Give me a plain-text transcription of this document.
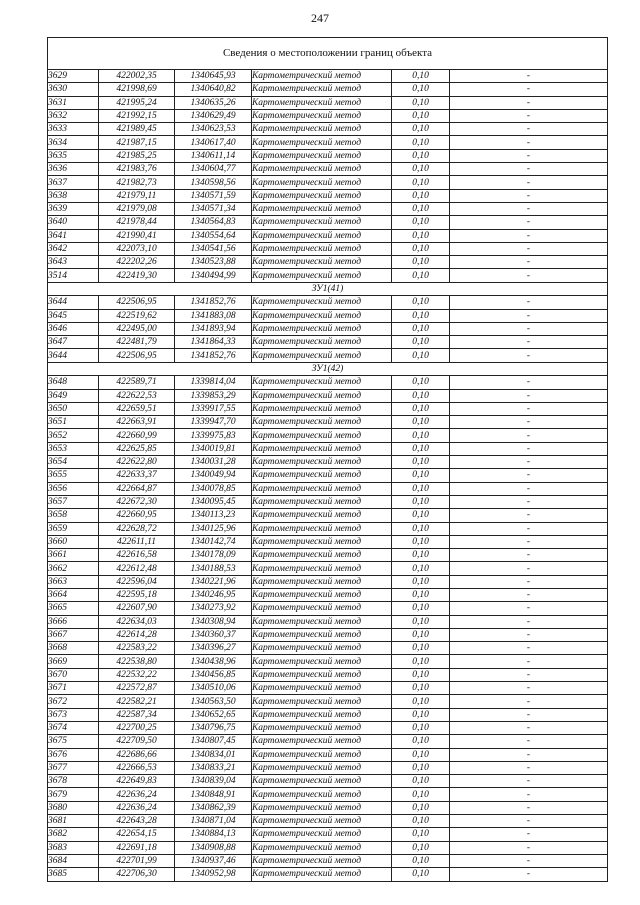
247
Сведения о местоположении границ объекта					
3629	422002,35	1340645,93	Картометрический метод	0,10	-
3630	421998,69	1340640,82	Картометрический метод	0,10	-
3631	421995,24	1340635,26	Картометрический метод	0,10	-
3632	421992,15	1340629,49	Картометрический метод	0,10	-
3633	421989,45	1340623,53	Картометрический метод	0,10	-
3634	421987,15	1340617,40	Картометрический метод	0,10	-
3635	421985,25	1340611,14	Картометрический метод	0,10	-
3636	421983,76	1340604,77	Картометрический метод	0,10	-
3637	421982,73	1340598,56	Картометрический метод	0,10	-
3638	421979,11	1340571,59	Картометрический метод	0,10	-
3639	421979,08	1340571,34	Картометрический метод	0,10	-
3640	421978,44	1340564,83	Картометрический метод	0,10	-
3641	421990,41	1340554,64	Картометрический метод	0,10	-
3642	422073,10	1340541,56	Картометрический метод	0,10	-
3643	422202,26	1340523,88	Картометрический метод	0,10	-
3514	422419,30	1340494,99	Картометрический метод	0,10	-
ЗУ1(41)					
3644	422506,95	1341852,76	Картометрический метод	0,10	-
3645	422519,62	1341883,08	Картометрический метод	0,10	-
3646	422495,00	1341893,94	Картометрический метод	0,10	-
3647	422481,79	1341864,33	Картометрический метод	0,10	-
3644	422506,95	1341852,76	Картометрический метод	0,10	-
ЗУ1(42)					
3648	422589,71	1339814,04	Картометрический метод	0,10	-
3649	422622,53	1339853,29	Картометрический метод	0,10	-
3650	422659,51	1339917,55	Картометрический метод	0,10	-
3651	422663,91	1339947,70	Картометрический метод	0,10	-
3652	422660,99	1339975,83	Картометрический метод	0,10	-
3653	422625,85	1340019,81	Картометрический метод	0,10	-
3654	422622,80	1340031,28	Картометрический метод	0,10	-
3655	422633,37	1340049,94	Картометрический метод	0,10	-
3656	422664,87	1340078,85	Картометрический метод	0,10	-
3657	422672,30	1340095,45	Картометрический метод	0,10	-
3658	422660,95	1340113,23	Картометрический метод	0,10	-
3659	422628,72	1340125,96	Картометрический метод	0,10	-
3660	422611,11	1340142,74	Картометрический метод	0,10	-
3661	422616,58	1340178,09	Картометрический метод	0,10	-
3662	422612,48	1340188,53	Картометрический метод	0,10	-
3663	422596,04	1340221,96	Картометрический метод	0,10	-
3664	422595,18	1340246,95	Картометрический метод	0,10	-
3665	422607,90	1340273,92	Картометрический метод	0,10	-
3666	422634,03	1340308,94	Картометрический метод	0,10	-
3667	422614,28	1340360,37	Картометрический метод	0,10	-
3668	422583,22	1340396,27	Картометрический метод	0,10	-
3669	422538,80	1340438,96	Картометрический метод	0,10	-
3670	422532,22	1340456,85	Картометрический метод	0,10	-
3671	422572,87	1340510,06	Картометрический метод	0,10	-
3672	422582,21	1340563,50	Картометрический метод	0,10	-
3673	422587,34	1340652,65	Картометрический метод	0,10	-
3674	422700,25	1340796,75	Картометрический метод	0,10	-
3675	422709,50	1340807,45	Картометрический метод	0,10	-
3676	422686,66	1340834,01	Картометрический метод	0,10	-
3677	422666,53	1340833,21	Картометрический метод	0,10	-
3678	422649,83	1340839,04	Картометрический метод	0,10	-
3679	422636,24	1340848,91	Картометрический метод	0,10	-
3680	422636,24	1340862,39	Картометрический метод	0,10	-
3681	422643,28	1340871,04	Картометрический метод	0,10	-
3682	422654,15	1340884,13	Картометрический метод	0,10	-
3683	422691,18	1340908,88	Картометрический метод	0,10	-
3684	422701,99	1340937,46	Картометрический метод	0,10	-
3685	422706,30	1340952,98	Картометрический метод	0,10	-
